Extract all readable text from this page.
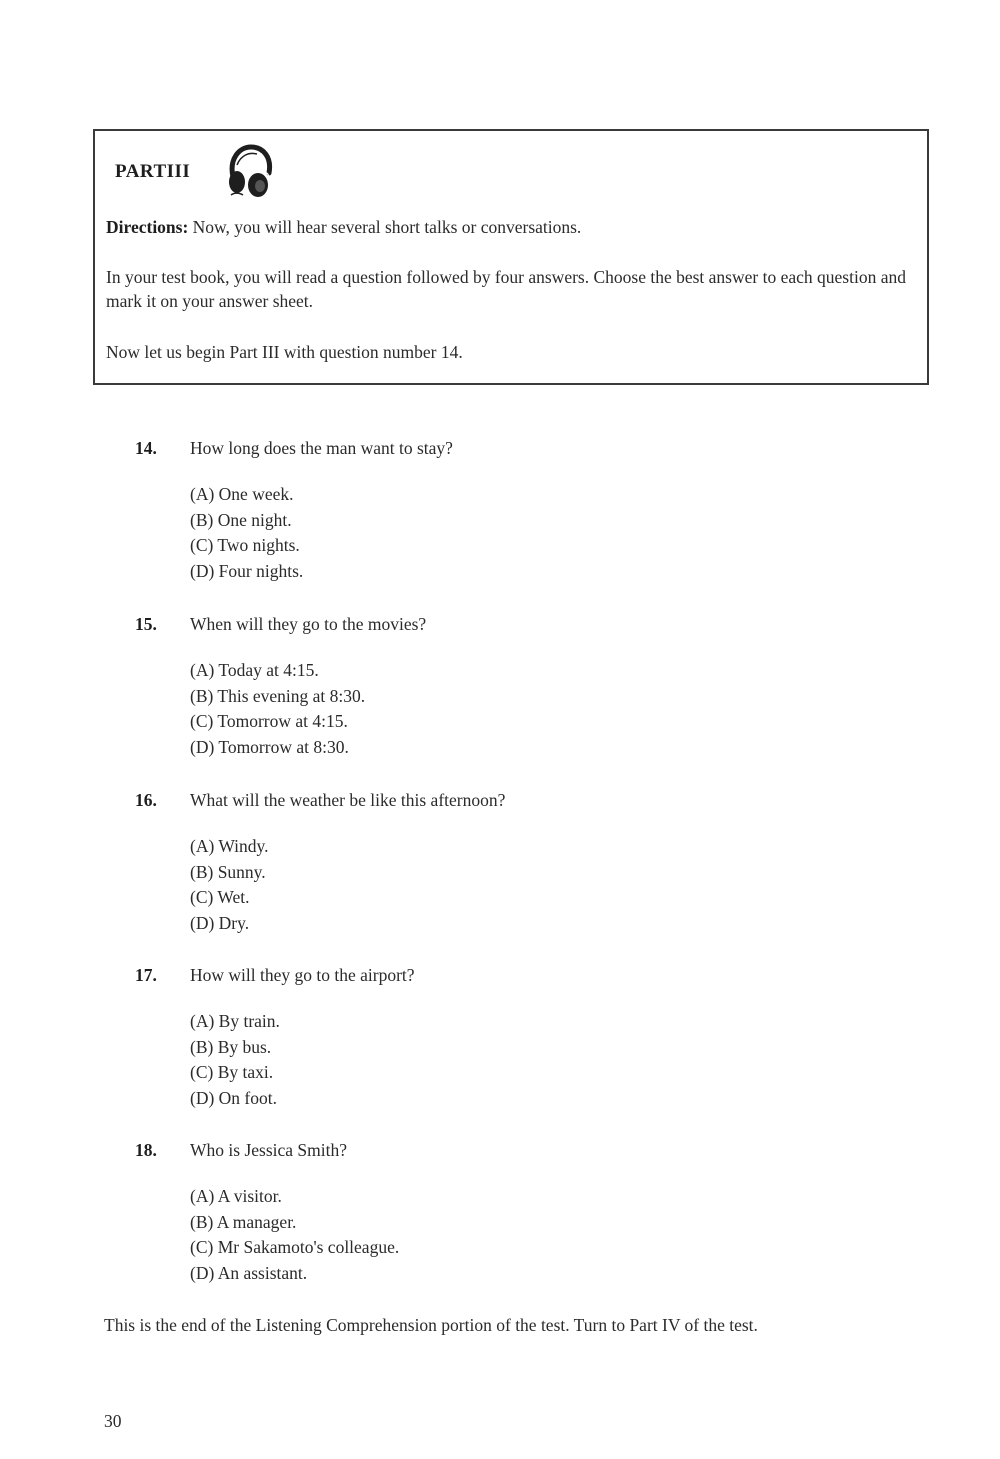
PARTIII
Directions: Now, you will hear several short talks or conversations.
In your test book, you will read a question followed by four answers. Choose the best answer to each question and mark it on your answer sheet.
Now let us begin Part III with question number 14.
14. How long does the man want to stay?
(A) One week.
(B) One night.
(C) Two nights.
(D) Four nights.
15. When will they go to the movies?
(A) Today at 4:15.
(B) This evening at 8:30.
(C) Tomorrow at 4:15.
(D) Tomorrow at 8:30.
16. What will the weather be like this afternoon?
(A) Windy.
(B) Sunny.
(C) Wet.
(D) Dry.
17. How will they go to the airport?
(A) By train.
(B) By bus.
(C) By taxi.
(D) On foot.
18. Who is Jessica Smith?
(A) A visitor.
(B) A manager.
(C) Mr Sakamoto's colleague.
(D) An assistant.
This is the end of the Listening Comprehension portion of the test. Turn to Part IV of the test.
30
